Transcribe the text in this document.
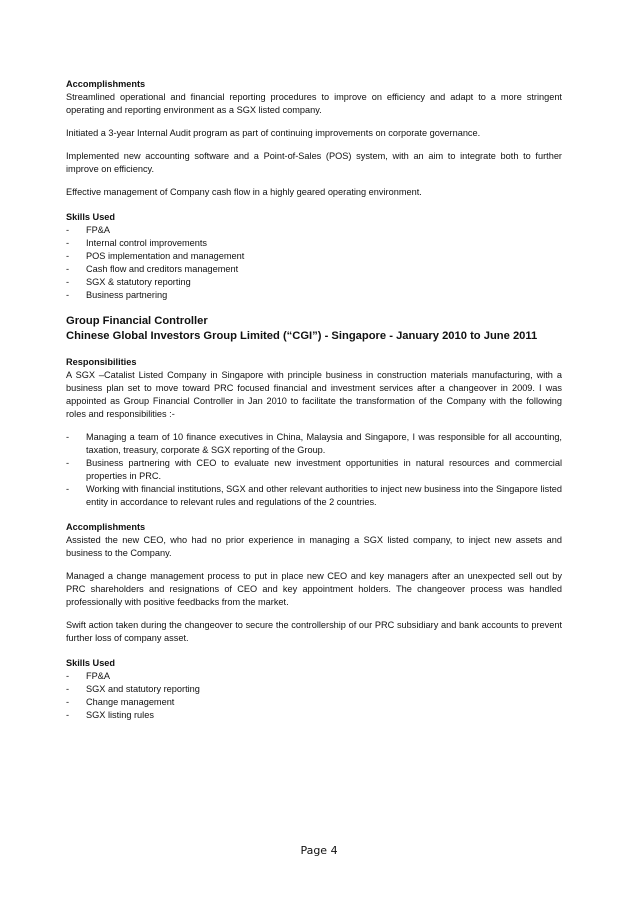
Accomplishments

Streamlined operational and financial reporting procedures to improve on efficiency and adapt to a more stringent operating and reporting environment as a SGX listed company.

Initiated a 3-year Internal Audit program as part of continuing improvements on corporate governance.

Implemented new accounting software and a Point-of-Sales (POS) system, with an aim to integrate both to further improve on efficiency.

Effective management of Company cash flow in a highly geared operating environment.

Skills Used
- FP&A
- Internal control improvements
- POS implementation and management
- Cash flow and creditors management
- SGX & statutory reporting
- Business partnering
Group Financial Controller
Chinese Global Investors Group Limited (“CGI”) - Singapore - January 2010 to June 2011
Responsibilities

A SGX –Catalist Listed Company in Singapore with principle business in construction materials manufacturing, with a business plan set to move toward PRC focused financial and investment services after a changeover in 2009. I was appointed as Group Financial Controller in Jan 2010 to facilitate the transformation of the Company with the following roles and responsibilities :-

- Managing a team of 10 finance executives in China, Malaysia and Singapore, I was responsible for all accounting, taxation, treasury, corporate & SGX reporting of the Group.
- Business partnering with CEO to evaluate new investment opportunities in natural resources and commercial properties in PRC.
- Working with financial institutions, SGX and other relevant authorities to inject new business into the Singapore listed entity in accordance to relevant rules and regulations of the 2 countries.
Accomplishments

Assisted the new CEO, who had no prior experience in managing a SGX listed company, to inject new assets and business to the Company.

Managed a change management process to put in place new CEO and key managers after an unexpected sell out by PRC shareholders and resignations of CEO and key appointment holders. The changeover process was handled professionally with positive feedbacks from the market.

Swift action taken during the changeover to secure the controllership of our PRC subsidiary and bank accounts to prevent further loss of company asset.

Skills Used
- FP&A
- SGX and statutory reporting
- Change management
- SGX listing rules
Page 4
